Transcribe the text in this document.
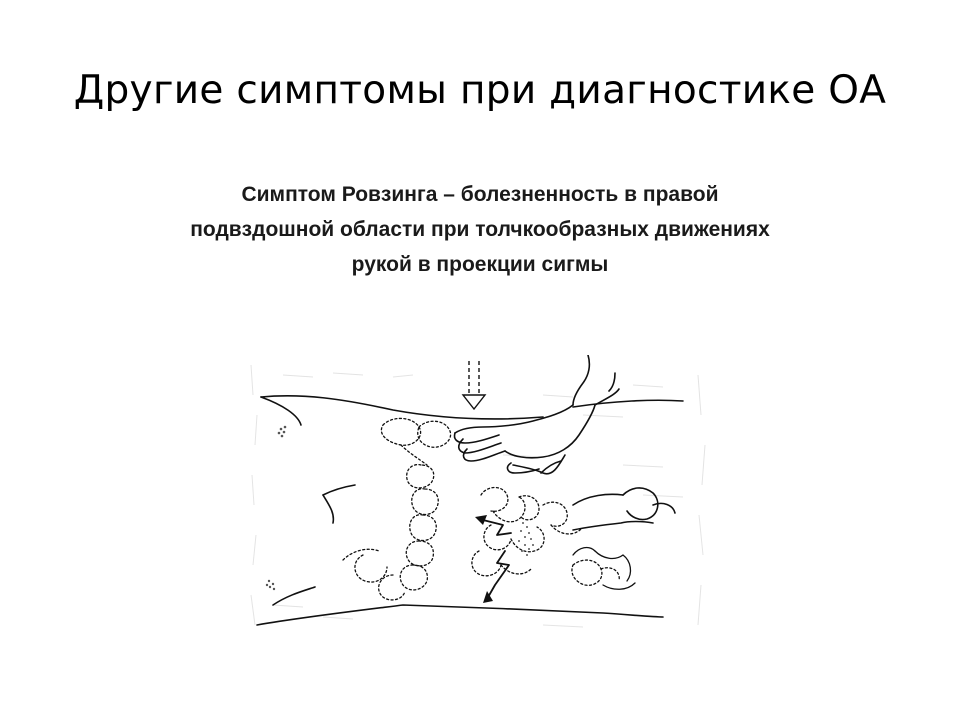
Другие симптомы при диагностике ОА

Симптом Ровзинга – болезненность в правой подвздошной области при толчкообразных движениях рукой в проекции сигмы
